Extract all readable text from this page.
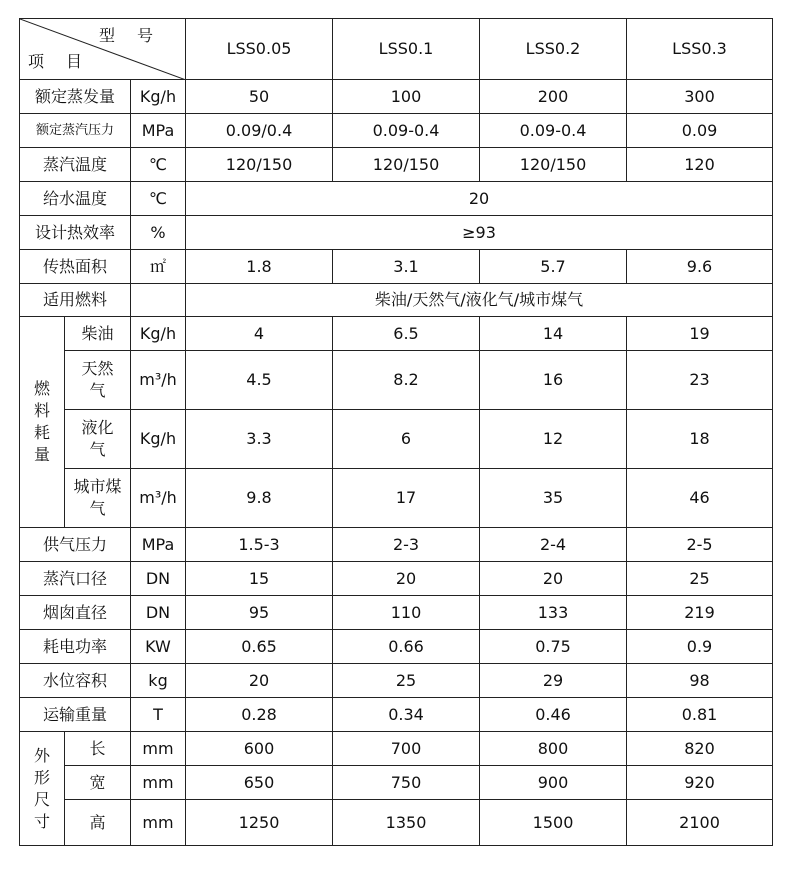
型号
项目			LSS0.05	LSS0.1	LSS0.2	LSS0.3
额定蒸发量		Kg/h	50	100	200	300
额定蒸汽压力		MPa	0.09/0.4	0.09-0.4	0.09-0.4	0.09
蒸汽温度		℃	120/150	120/150	120/150	120
给水温度		℃	20			
设计热效率		%	≥93			
传热面积		㎡	1.8	3.1	5.7	9.6
适用燃料			柴油/天然气/液化气/城市煤气			
燃料耗量	柴油	Kg/h	4	6.5	14	19
	天然气	m³/h	4.5	8.2	16	23
	液化气	Kg/h	3.3	6	12	18
	城市煤气	m³/h	9.8	17	35	46
供气压力		MPa	1.5-3	2-3	2-4	2-5
蒸汽口径		DN	15	20	20	25
烟囱直径		DN	95	110	133	219
耗电功率		KW	0.65	0.66	0.75	0.9
水位容积		kg	20	25	29	98
运输重量		T	0.28	0.34	0.46	0.81
外形尺寸	长	mm	600	700	800	820
	宽	mm	650	750	900	920
	高	mm	1250	1350	1500	2100
